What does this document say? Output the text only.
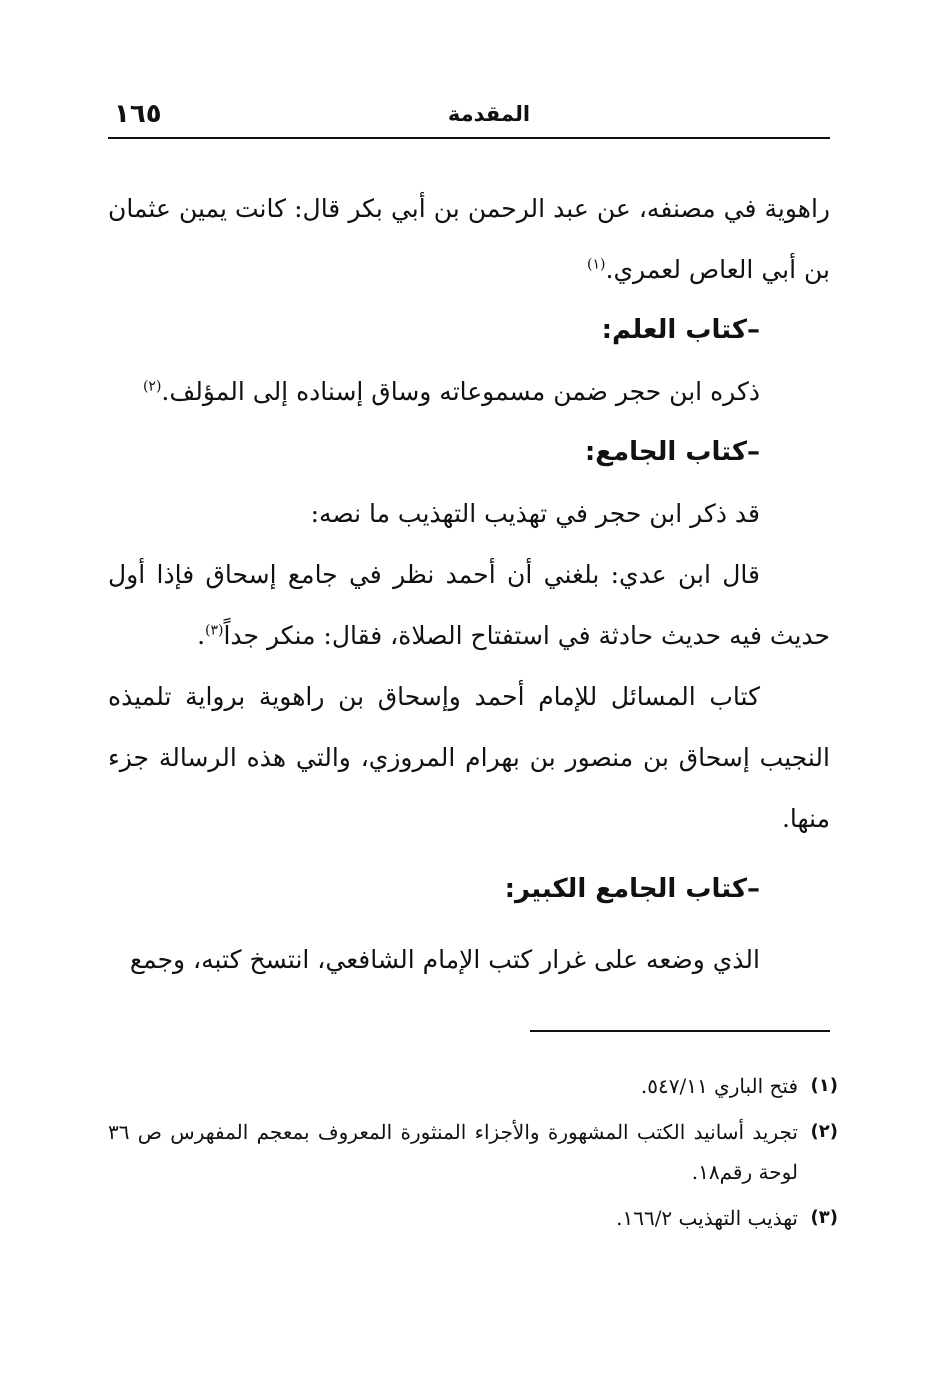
١٦٥	المقدمة

راهوية في مصنفه، عن عبد الرحمن بن أبي بكر قال: كانت يمين عثمان بن أبي العاص لعمري.$^{(١)}$

–كتاب العلم:

ذكره ابن حجر ضمن مسموعاته وساق إسناده إلى المؤلف.$^{(٢)}$

–كتاب الجامع:

قد ذكر ابن حجر في تهذيب التهذيب ما نصه:

قال ابن عدي: بلغني أن أحمد نظر في جامع إسحاق فإذا أول حديث فيه حديث حادثة في استفتاح الصلاة، فقال: منكر جداً$^{(٣)}$.

كتاب المسائل للإمام أحمد وإسحاق بن راهوية برواية تلميذه النجيب إسحاق بن منصور بن بهرام المروزي، والتي هذه الرسالة جزء منها.

–كتاب الجامع الكبير:

الذي وضعه على غرار كتب الإمام الشافعي، انتسخ كتبه، وجمع

(١)
فتح الباري ٥٤٧/١١.
(٢)
تجريد أسانيد الكتب المشهورة والأجزاء المنثورة المعروف بمعجم المفهرس ص ٣٦ لوحة رقم١٨.
(٣)
تهذيب التهذيب ١٦٦/٢.
